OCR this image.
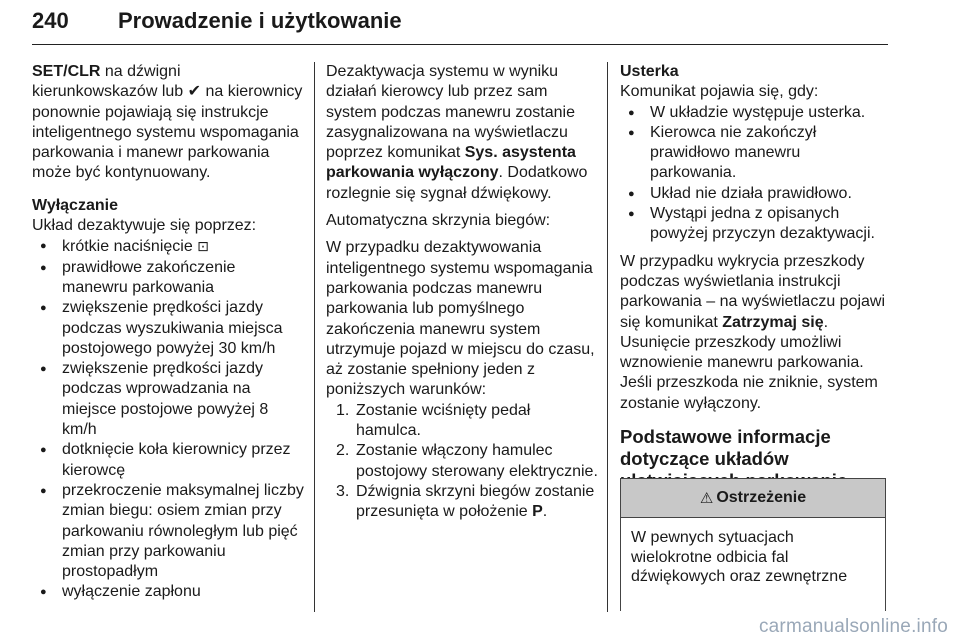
240 Prowadzenie i użytkowanie

SET/CLR na dźwigni kierunkowskazów lub ✔ na kierownicy ponownie pojawiają się instrukcje inteligentnego systemu wspomagania parkowania i manewr parkowania może być kontynuowany.

Wyłączanie

Układ dezaktywuje się poprzez:

● krótkie naciśnięcie ⊡

● prawidłowe zakończenie manewru parkowania

● zwiększenie prędkości jazdy podczas wyszukiwania miejsca postojowego powyżej 30 km/h

● zwiększenie prędkości jazdy podczas wprowadzania na miejsce postojowe powyżej 8 km/h

● dotknięcie koła kierownicy przez kierowcę

● przekroczenie maksymalnej liczby zmian biegu: osiem zmian przy parkowaniu równoległym lub pięć zmian przy parkowaniu prostopadłym

● wyłączenie zapłonu

Dezaktywacja systemu w wyniku działań kierowcy lub przez sam system podczas manewru zostanie zasygnalizowana na wyświetlaczu poprzez komunikat Sys. asystenta parkowania wyłączony. Dodatkowo rozlegnie się sygnał dźwiękowy.

Automatyczna skrzynia biegów:

W przypadku dezaktywowania inteligentnego systemu wspomagania parkowania podczas manewru parkowania lub pomyślnego zakończenia manewru system utrzymuje pojazd w miejscu do czasu, aż zostanie spełniony jeden z poniższych warunków:

1. Zostanie wciśnięty pedał hamulca.

2. Zostanie włączony hamulec postojowy sterowany elektrycznie.

3. Dźwignia skrzyni biegów zostanie przesunięta w położenie P.

Usterka

Komunikat pojawia się, gdy:

● W układzie występuje usterka.

● Kierowca nie zakończył prawidłowo manewru parkowania.

● Układ nie działa prawidłowo.

● Wystąpi jedna z opisanych powyżej przyczyn dezaktywacji.

W przypadku wykrycia przeszkody podczas wyświetlania instrukcji parkowania – na wyświetlaczu pojawi się komunikat Zatrzymaj się.

Usunięcie przeszkody umożliwi wznowienie manewru parkowania. Jeśli przeszkoda nie zniknie, system zostanie wyłączony.

Podstawowe informacje dotyczące układów

⚠ Ostrzeżenie
W pewnych sytuacjach wielokrotne odbicia fal dźwiękowych oraz zewnętrzne
carmanualsonline.info
